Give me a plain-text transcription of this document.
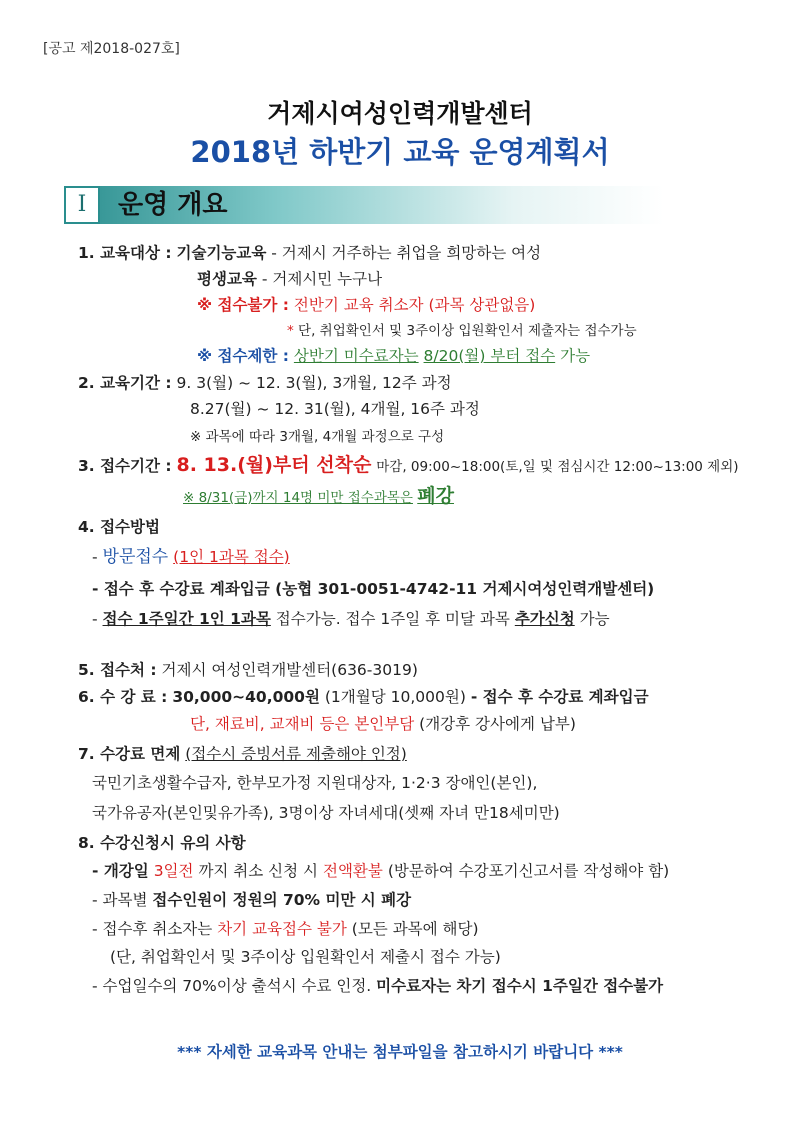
[공고 제2018-027호]
거제시여성인력개발센터
2018년 하반기 교육 운영계획서
I	운영 개요
1. 교육대상 : 기술기능교육 - 거제시 거주하는 취업을 희망하는 여성
평생교육 - 거제시민 누구나
※ 접수불가 : 전반기 교육 취소자 (과목 상관없음)
* 단, 취업확인서 및 3주이상 입원확인서 제출자는 접수가능
※ 접수제한 : 상반기 미수료자는 8/20(월) 부터 접수 가능
2. 교육기간 : 9. 3(월) ~ 12. 3(월), 3개월, 12주 과정
8.27(월) ~ 12. 31(월), 4개월, 16주 과정
※ 과목에 따라 3개월, 4개월 과정으로 구성
3. 접수기간 : 8. 13.(월)부터 선착순 마감, 09:00~18:00(토,일 및 점심시간 12:00~13:00 제외)
※ 8/31(금)까지 14명 미만 접수과목은 폐강
4. 접수방법
- 방문접수 (1인 1과목 접수)
- 접수 후 수강료 계좌입금 (농협 301-0051-4742-11 거제시여성인력개발센터)
- 접수 1주일간 1인 1과목 접수가능. 접수 1주일 후 미달 과목 추가신청 가능
5. 접수처 : 거제시 여성인력개발센터(636-3019)
6. 수 강 료 : 30,000~40,000원 (1개월당 10,000원) - 접수 후 수강료 계좌입금
단, 재료비, 교재비 등은 본인부담 (개강후 강사에게 납부)
7. 수강료 면제 (접수시 증빙서류 제출해야 인정)
국민기초생활수급자, 한부모가정 지원대상자, 1·2·3 장애인(본인),
국가유공자(본인및유가족), 3명이상 자녀세대(셋째 자녀 만18세미만)
8. 수강신청시 유의 사항
- 개강일 3일전 까지 취소 신청 시 전액환불 (방문하여 수강포기신고서를 작성해야 함)
- 과목별 접수인원이 정원의 70% 미만 시 폐강
- 접수후 취소자는 차기 교육접수 불가 (모든 과목에 해당)
(단, 취업확인서 및 3주이상 입원확인서 제출시 접수 가능)
- 수업일수의 70%이상 출석시 수료 인정. 미수료자는 차기 접수시 1주일간 접수불가
*** 자세한 교육과목 안내는 첨부파일을 참고하시기 바랍니다 ***
